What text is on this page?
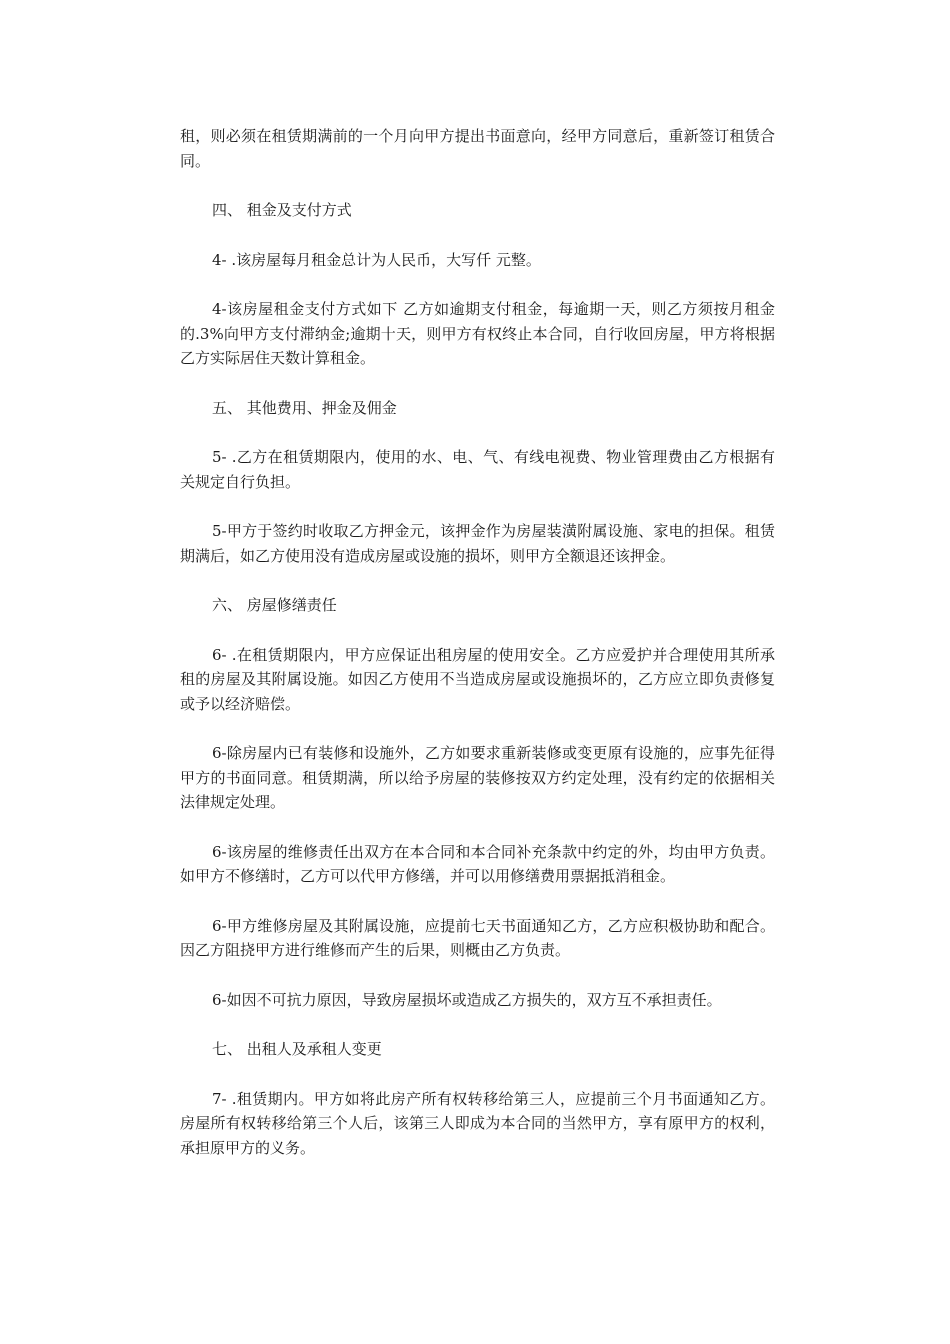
租，则必须在租赁期满前的一个月向甲方提出书面意向，经甲方同意后，重新签订租赁合同。

四、 租金及支付方式

4- .该房屋每月租金总计为人民币，大写仟 元整。

4-该房屋租金支付方式如下 乙方如逾期支付租金，每逾期一天，则乙方须按月租金的.3%向甲方支付滞纳金;逾期十天，则甲方有权终止本合同，自行收回房屋，甲方将根据乙方实际居住天数计算租金。

五、 其他费用、押金及佣金

5- .乙方在租赁期限内，使用的水、电、气、有线电视费、物业管理费由乙方根据有关规定自行负担。

5-甲方于签约时收取乙方押金元，该押金作为房屋装潢附属设施、家电的担保。租赁期满后，如乙方使用没有造成房屋或设施的损坏，则甲方全额退还该押金。

六、 房屋修缮责任

6- .在租赁期限内，甲方应保证出租房屋的使用安全。乙方应爱护并合理使用其所承租的房屋及其附属设施。如因乙方使用不当造成房屋或设施损坏的，乙方应立即负责修复或予以经济赔偿。

6-除房屋内已有装修和设施外，乙方如要求重新装修或变更原有设施的，应事先征得甲方的书面同意。租赁期满，所以给予房屋的装修按双方约定处理，没有约定的依据相关法律规定处理。

6-该房屋的维修责任出双方在本合同和本合同补充条款中约定的外，均由甲方负责。如甲方不修缮时，乙方可以代甲方修缮，并可以用修缮费用票据抵消租金。

6-甲方维修房屋及其附属设施，应提前七天书面通知乙方，乙方应积极协助和配合。因乙方阻挠甲方进行维修而产生的后果，则概由乙方负责。

6-如因不可抗力原因，导致房屋损坏或造成乙方损失的，双方互不承担责任。

七、 出租人及承租人变更

7- .租赁期内。甲方如将此房产所有权转移给第三人，应提前三个月书面通知乙方。房屋所有权转移给第三个人后，该第三人即成为本合同的当然甲方，享有原甲方的权利，承担原甲方的义务。
